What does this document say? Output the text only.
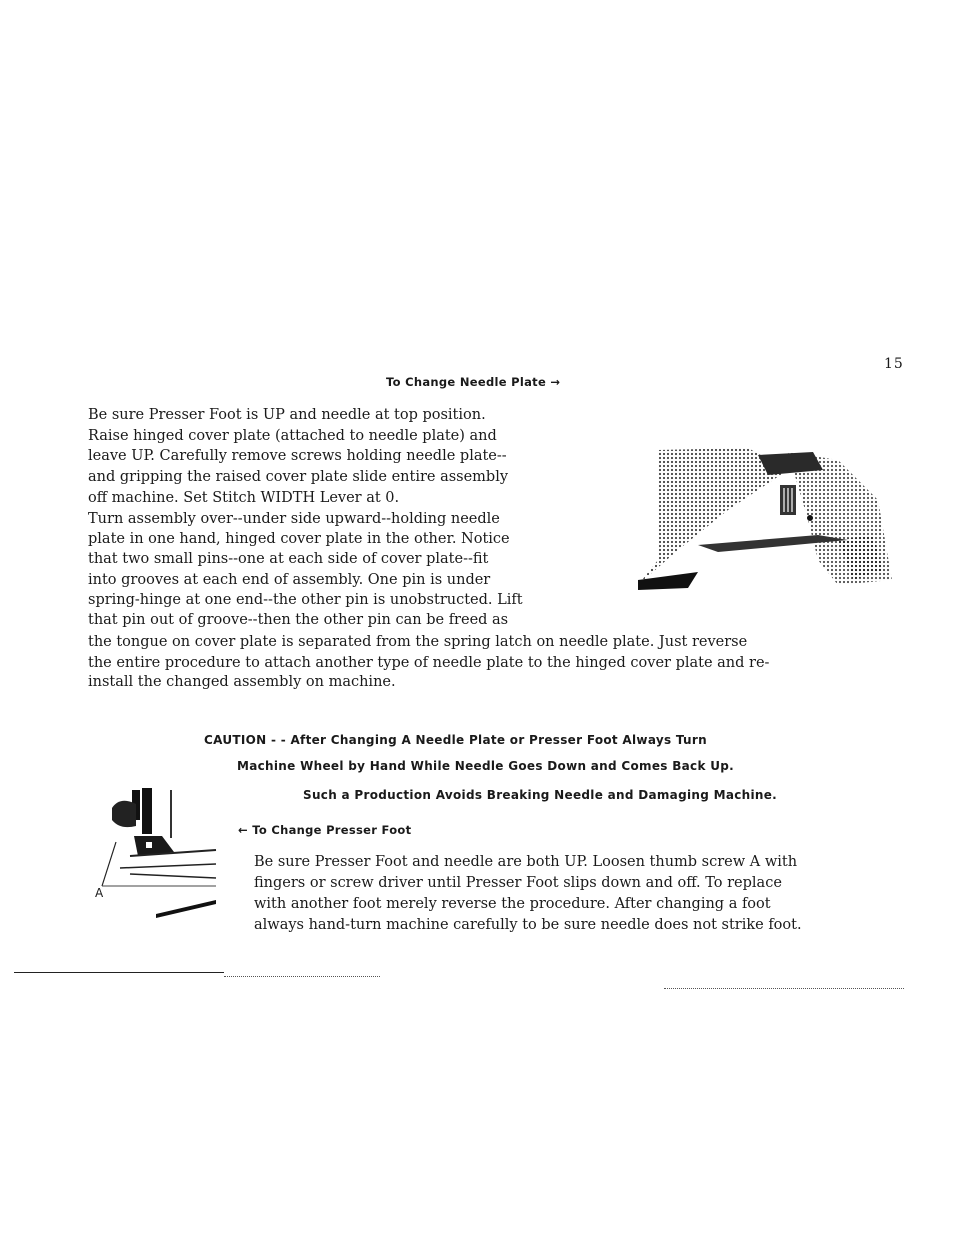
15
To Change Needle Plate →
Be sure Presser Foot is UP and needle at top position.
Raise hinged cover plate (attached to needle plate) and
leave UP. Carefully remove screws holding needle plate--
and gripping the raised cover plate slide entire assembly
off machine. Set Stitch WIDTH Lever at 0.
Turn assembly over--under side upward--holding needle
plate in one hand, hinged cover plate in the other. Notice
that two small pins--one at each side of cover plate--fit
into grooves at each end of assembly. One pin is under
spring-hinge at one end--the other pin is unobstructed. Lift
that pin out of groove--then the other pin can be freed as
the tongue on cover plate is separated from the spring latch on needle plate. Just reverse
the entire procedure to attach another type of needle plate to the hinged cover plate and re-
install the changed assembly on machine.
CAUTION - - After Changing A Needle Plate or Presser Foot Always Turn
Machine Wheel by Hand While Needle Goes Down and Comes Back Up.
Such a Production Avoids Breaking Needle and Damaging Machine.
A
← To Change Presser Foot
Be sure Presser Foot and needle are both UP. Loosen thumb screw A with
fingers or screw driver until Presser Foot slips down and off. To replace
with another foot merely reverse the procedure. After changing a foot
always hand-turn machine carefully to be sure needle does not strike foot.
